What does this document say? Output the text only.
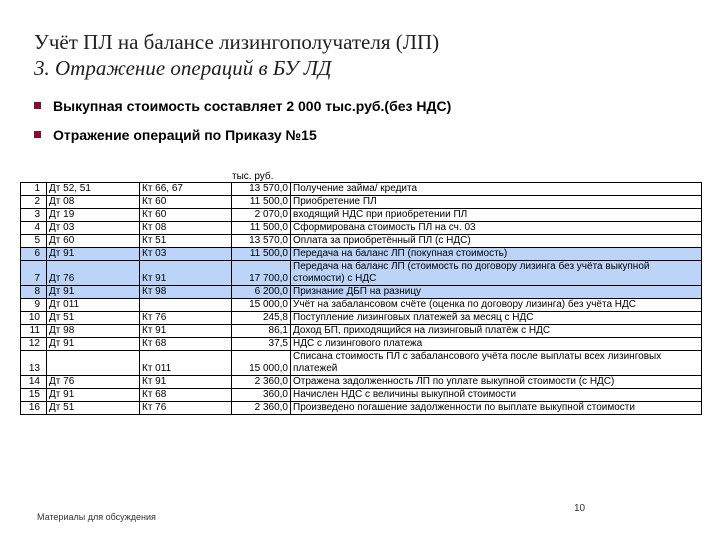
Учёт ПЛ на балансе лизингополучателя (ЛП)
3. Отражение операций в БУ ЛД
Выкупная стоимость составляет 2 000 тыс.руб.(без НДС)
Отражение операций по Приказу №15
тыс. руб.
1	Дт 52, 51	Кт 66, 67	13 570,0	Получение займа/ кредита
2	Дт 08	Кт 60	11 500,0	Приобретение ПЛ
3	Дт 19	Кт 60	2 070,0	входящий НДС при приобретении ПЛ
4	Дт 03	Кт 08	11 500,0	Сформирована стоимость ПЛ на сч. 03
5	Дт 60	Кт 51	13 570,0	Оплата за приобретённый ПЛ (с НДС)
6	Дт 91	Кт 03	11 500,0	Передача на баланс ЛП (покупная стоимость)
7	Дт 76	Кт 91	17 700,0	Передача на баланс ЛП (стоимость по договору лизинга без учёта выкупной стоимости) с НДС
8	Дт 91	Кт 98	6 200,0	Признание ДБП на разницу
9	Дт 011		15 000,0	Учёт на забалансовом счёте (оценка по договору лизинга) без учёта НДС
10	Дт 51	Кт 76	245,8	Поступление лизинговых платежей за месяц с НДС
11	Дт 98	Кт 91	86,1	Доход БП, приходящийся на лизинговый платёж с НДС
12	Дт 91	Кт 68	37,5	НДС с лизингового платежа
13		Кт 011	15 000,0	Списана стоимость ПЛ с забалансового учёта после выплаты всех лизинговых платежей
14	Дт 76	Кт 91	2 360,0	Отражена задолженность ЛП по уплате выкупной стоимости (с НДС)
15	Дт 91	Кт 68	360,0	Начислен НДС с величины выкупной стоимости
16	Дт 51	Кт 76	2 360,0	Произведено погашение задолженности по выплате выкупной стоимости
10
Материалы для обсуждения
